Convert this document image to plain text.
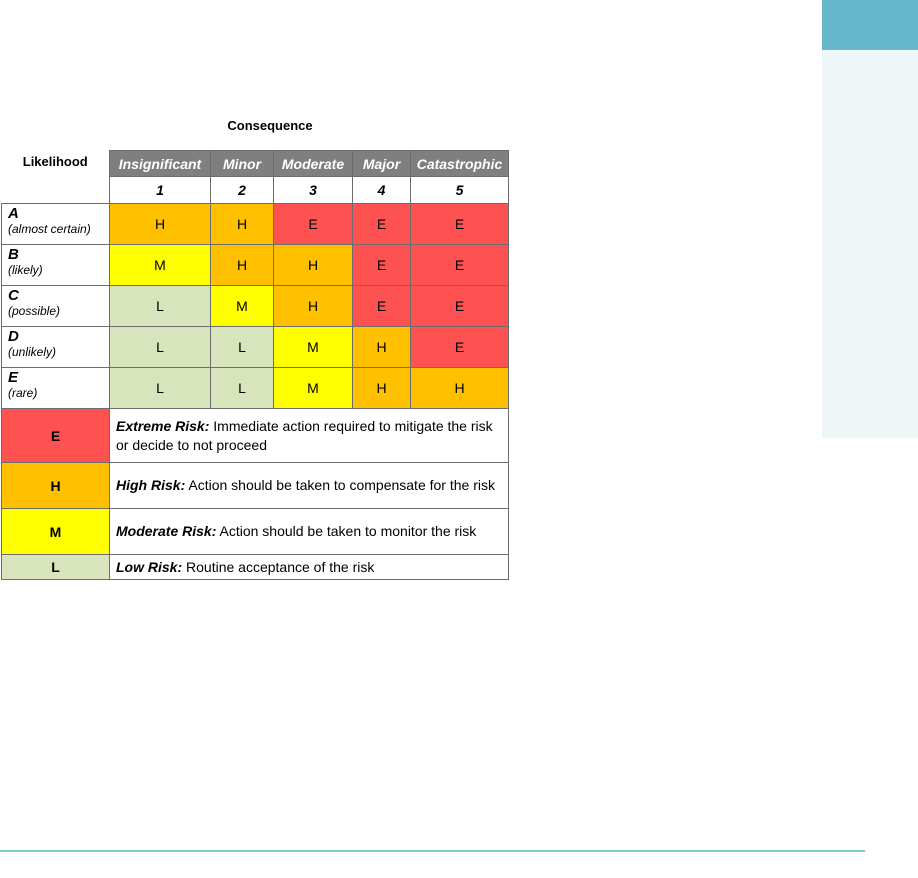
Consequence
Likelihood	Insignificant	Minor	Moderate	Major	Catastrophic
	1	2	3	4	5

A
(almost certain)	H	H	E	E	E

B
(likely)	M	H	H	E	E

C
(possible)	L	M	H	E	E

D
(unlikely)	L	L	M	H	E

E
(rare)	L	L	M	H	H
E	Extreme Risk: Immediate action required to mitigate the risk or decide to not proceed				
H	High Risk: Action should be taken to compensate for the risk				
M	Moderate Risk: Action should be taken to monitor the risk				
L	Low Risk: Routine acceptance of the risk				
